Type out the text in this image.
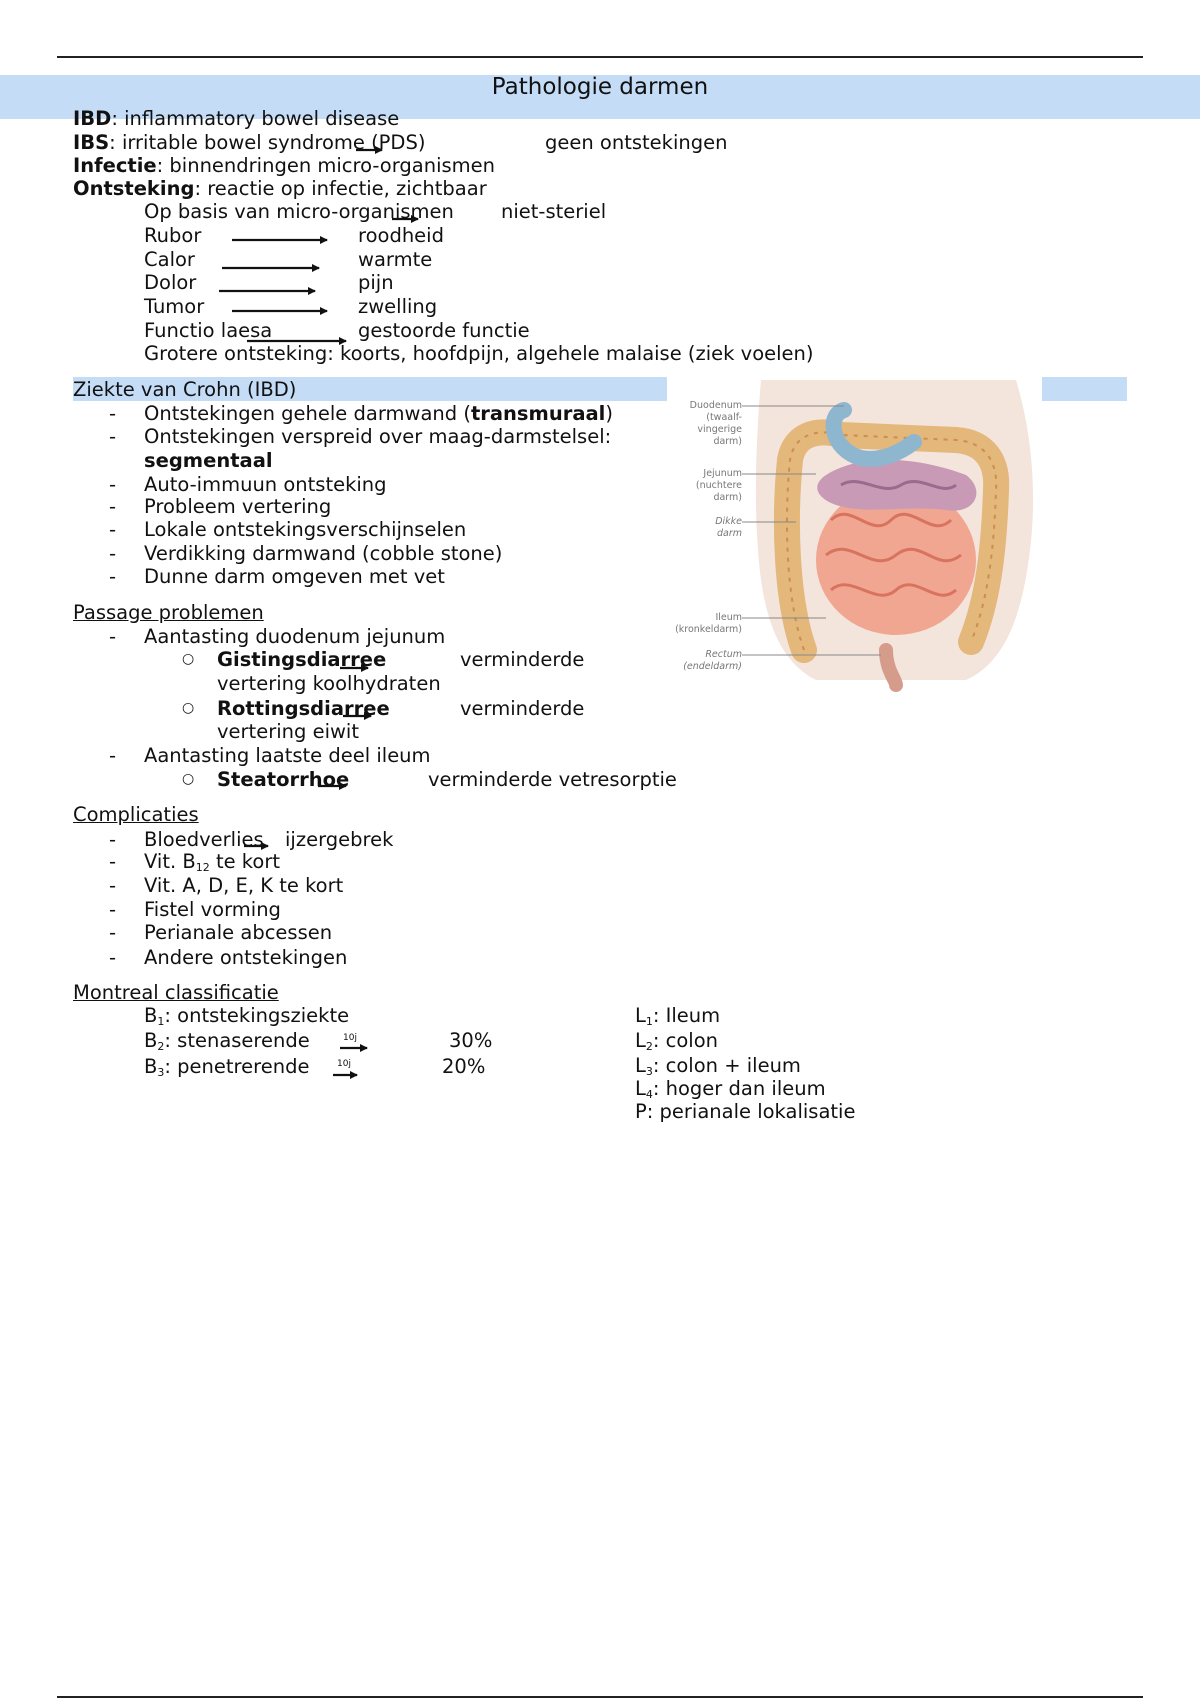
Pathologie darmen
IBD: inflammatory bowel disease
IBS: irritable bowel syndrome (PDS)	geen ontstekingen
Infectie: binnendringen micro-organismen
Ontsteking: reactie op infectie, zichtbaar
Op basis van micro-organismen niet-steriel
Rubor	roodheid
Calor	warmte
Dolor	pijn
Tumor	zwelling
Functio laesa	gestoorde functie
Grotere ontsteking: koorts, hoofdpijn, algehele malaise (ziek voelen)
Ziekte van Crohn (IBD)
- Ontstekingen gehele darmwand (transmuraal)
- Ontstekingen verspreid over maag-darmstelsel:
segmentaal
- Auto-immuun ontsteking
- Probleem vertering
- Lokale ontstekingsverschijnselen
- Verdikking darmwand (cobble stone)
- Dunne darm omgeven met vet
Duodenum
(twaalf-
vingerige
darm)
Jejunum
(nuchtere
darm)
Dikke
darm
Ileum
(kronkeldarm)
Rectum
(endeldarm)
Passage problemen
- Aantasting duodenum jejunum
○ Gistingsdiarree	verminderde
vertering koolhydraten
○ Rottingsdiarree	verminderde
vertering eiwit
- Aantasting laatste deel ileum
○ Steatorrhoe	verminderde vetresorptie
Complicaties
- Bloedverlies ijzergebrek
- Vit. $B_{12}$ te kort
- Vit. A, D, E, K te kort
- Fistel vorming
- Perianale abcessen
- Andere ontstekingen
Montreal classificatie
$B_1$: ontstekingsziekte
$B_2$: stenaserende	10j	30%
$B_3$: penetrerende	10j	20%
$L_1$: Ileum
$L_2$: colon
$L_3$: colon + ileum
$L_4$: hoger dan ileum
P: perianale lokalisatie
